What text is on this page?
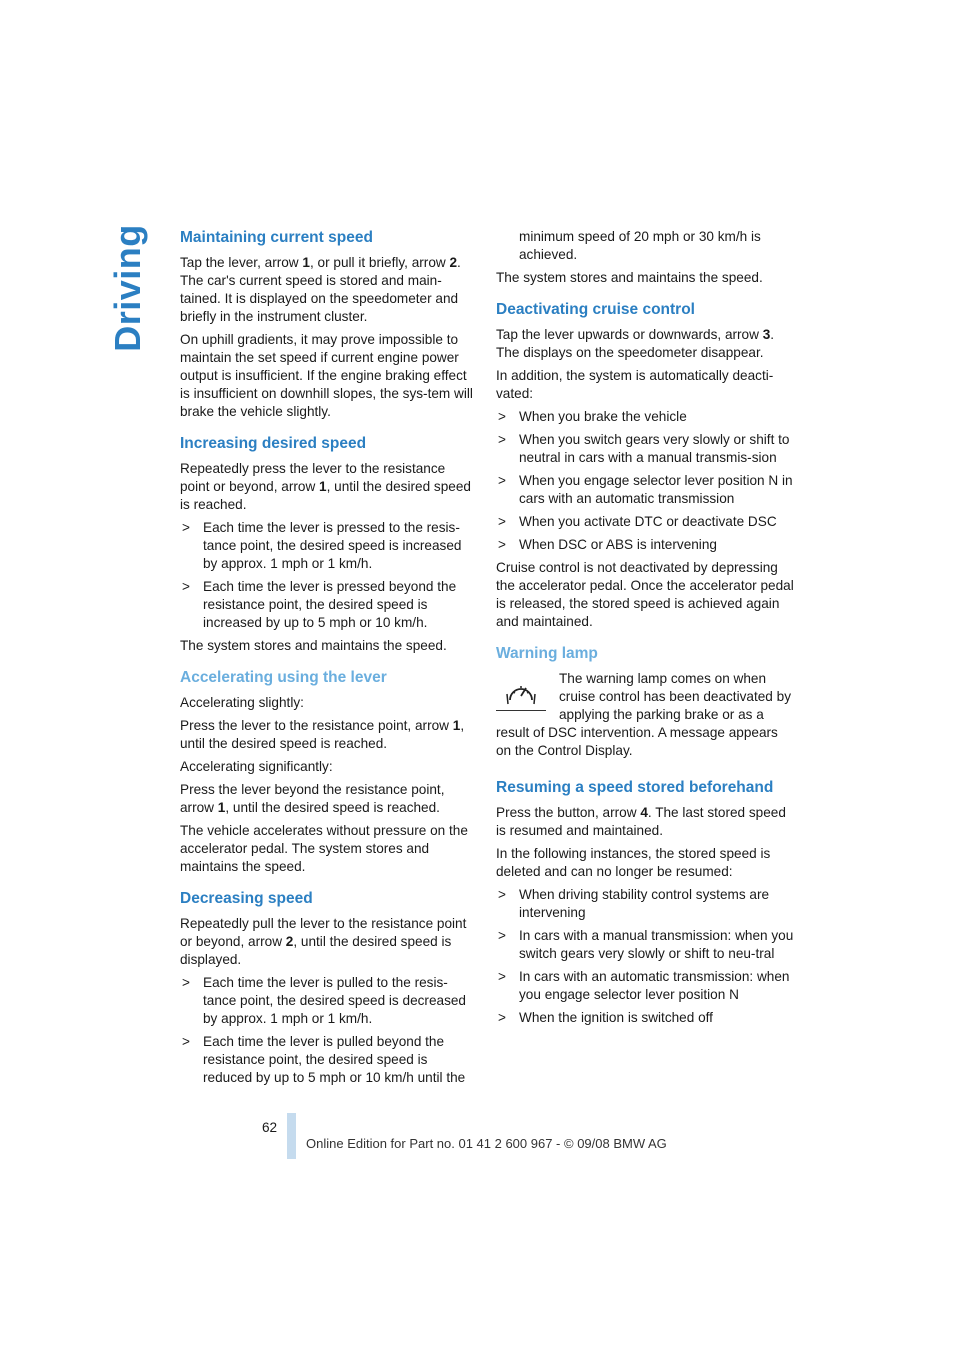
Driving Maintaining current speed

Tap the lever, arrow 1, or pull it briefly, arrow 2. The car's current speed is stored and main-tained. It is displayed on the speedometer and briefly in the instrument cluster.

On uphill gradients, it may prove impossible to maintain the set speed if current engine power output is insufficient. If the engine braking effect is insufficient on downhill slopes, the sys-tem will brake the vehicle slightly.

Increasing desired speed

Repeatedly press the lever to the resistance point or beyond, arrow 1, until the desired speed is reached.

> Each time the lever is pressed to the resis-tance point, the desired speed is increased by approx. 1 mph or 1 km/h.
> Each time the lever is pressed beyond the resistance point, the desired speed is increased by up to 5 mph or 10 km/h.

The system stores and maintains the speed.

Accelerating using the lever

Accelerating slightly:

Press the lever to the resistance point, arrow 1, until the desired speed is reached.

Accelerating significantly:

Press the lever beyond the resistance point, arrow 1, until the desired speed is reached.

The vehicle accelerates without pressure on the accelerator pedal. The system stores and maintains the speed.

Decreasing speed

Repeatedly pull the lever to the resistance point or beyond, arrow 2, until the desired speed is displayed.

> Each time the lever is pulled to the resis-tance point, the desired speed is decreased by approx. 1 mph or 1 km/h.
> Each time the lever is pulled beyond the resistance point, the desired speed is reduced by up to 5 mph or 10 km/h until the
minimum speed of 20 mph or 30 km/h is achieved.

The system stores and maintains the speed.

Deactivating cruise control

Tap the lever upwards or downwards, arrow 3. The displays on the speedometer disappear.

In addition, the system is automatically deacti-vated:

> When you brake the vehicle
> When you switch gears very slowly or shift to neutral in cars with a manual transmis-sion
> When you engage selector lever position N in cars with an automatic transmission
> When you activate DTC or deactivate DSC
> When DSC or ABS is intervening

Cruise control is not deactivated by depressing the accelerator pedal. Once the accelerator pedal is released, the stored speed is achieved again and maintained.

Warning lamp

The warning lamp comes on when cruise control has been deactivated by applying the parking brake or as a result of DSC intervention. A message appears on the Control Display.

Resuming a speed stored beforehand

Press the button, arrow 4. The last stored speed is resumed and maintained.

In the following instances, the stored speed is deleted and can no longer be resumed:

> When driving stability control systems are intervening
> In cars with a manual transmission: when you switch gears very slowly or shift to neu-tral
> In cars with an automatic transmission: when you engage selector lever position N
> When the ignition is switched off
62
Online Edition for Part no. 01 41 2 600 967 - © 09/08 BMW AG
